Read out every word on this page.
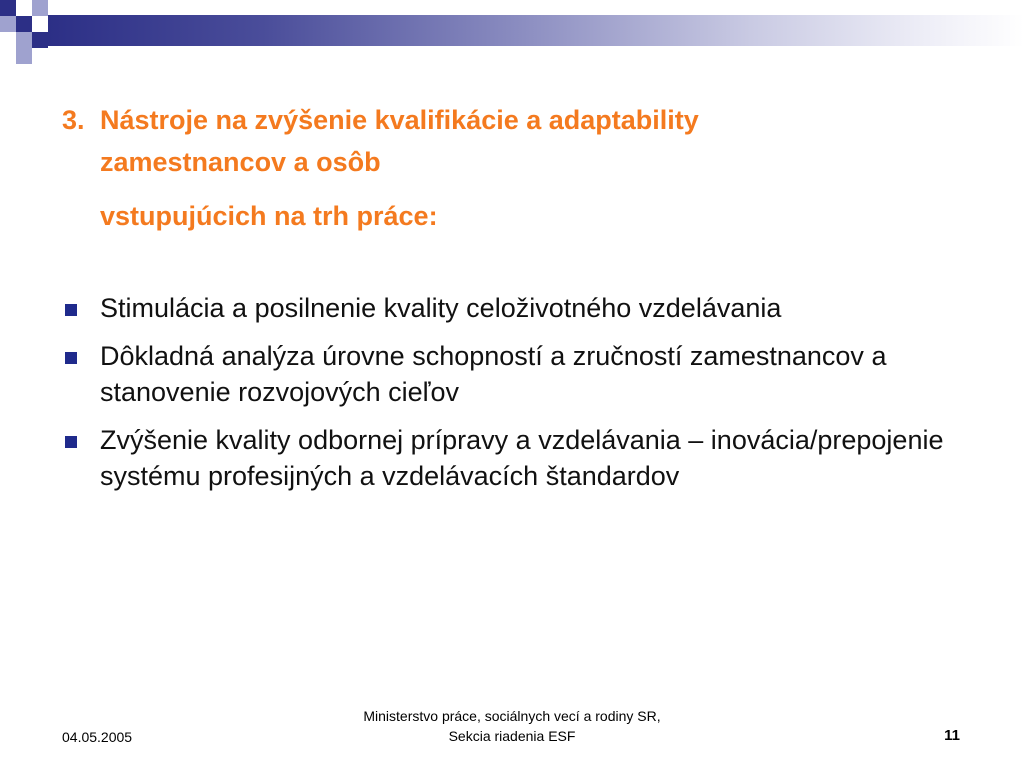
3. Nástroje na zvýšenie kvalifikácie a adaptability
zamestnancov a osôb
vstupujúcich na trh práce:
Stimulácia a posilnenie kvality celoživotného vzdelávania
Dôkladná analýza úrovne schopností a zručností zamestnancov a stanovenie rozvojových cieľov
Zvýšenie kvality odbornej prípravy a vzdelávania – inovácia/prepojenie systému profesijných a vzdelávacích štandardov
04.05.2005
Ministerstvo práce, sociálnych vecí a rodiny SR, Sekcia riadenia ESF	11
